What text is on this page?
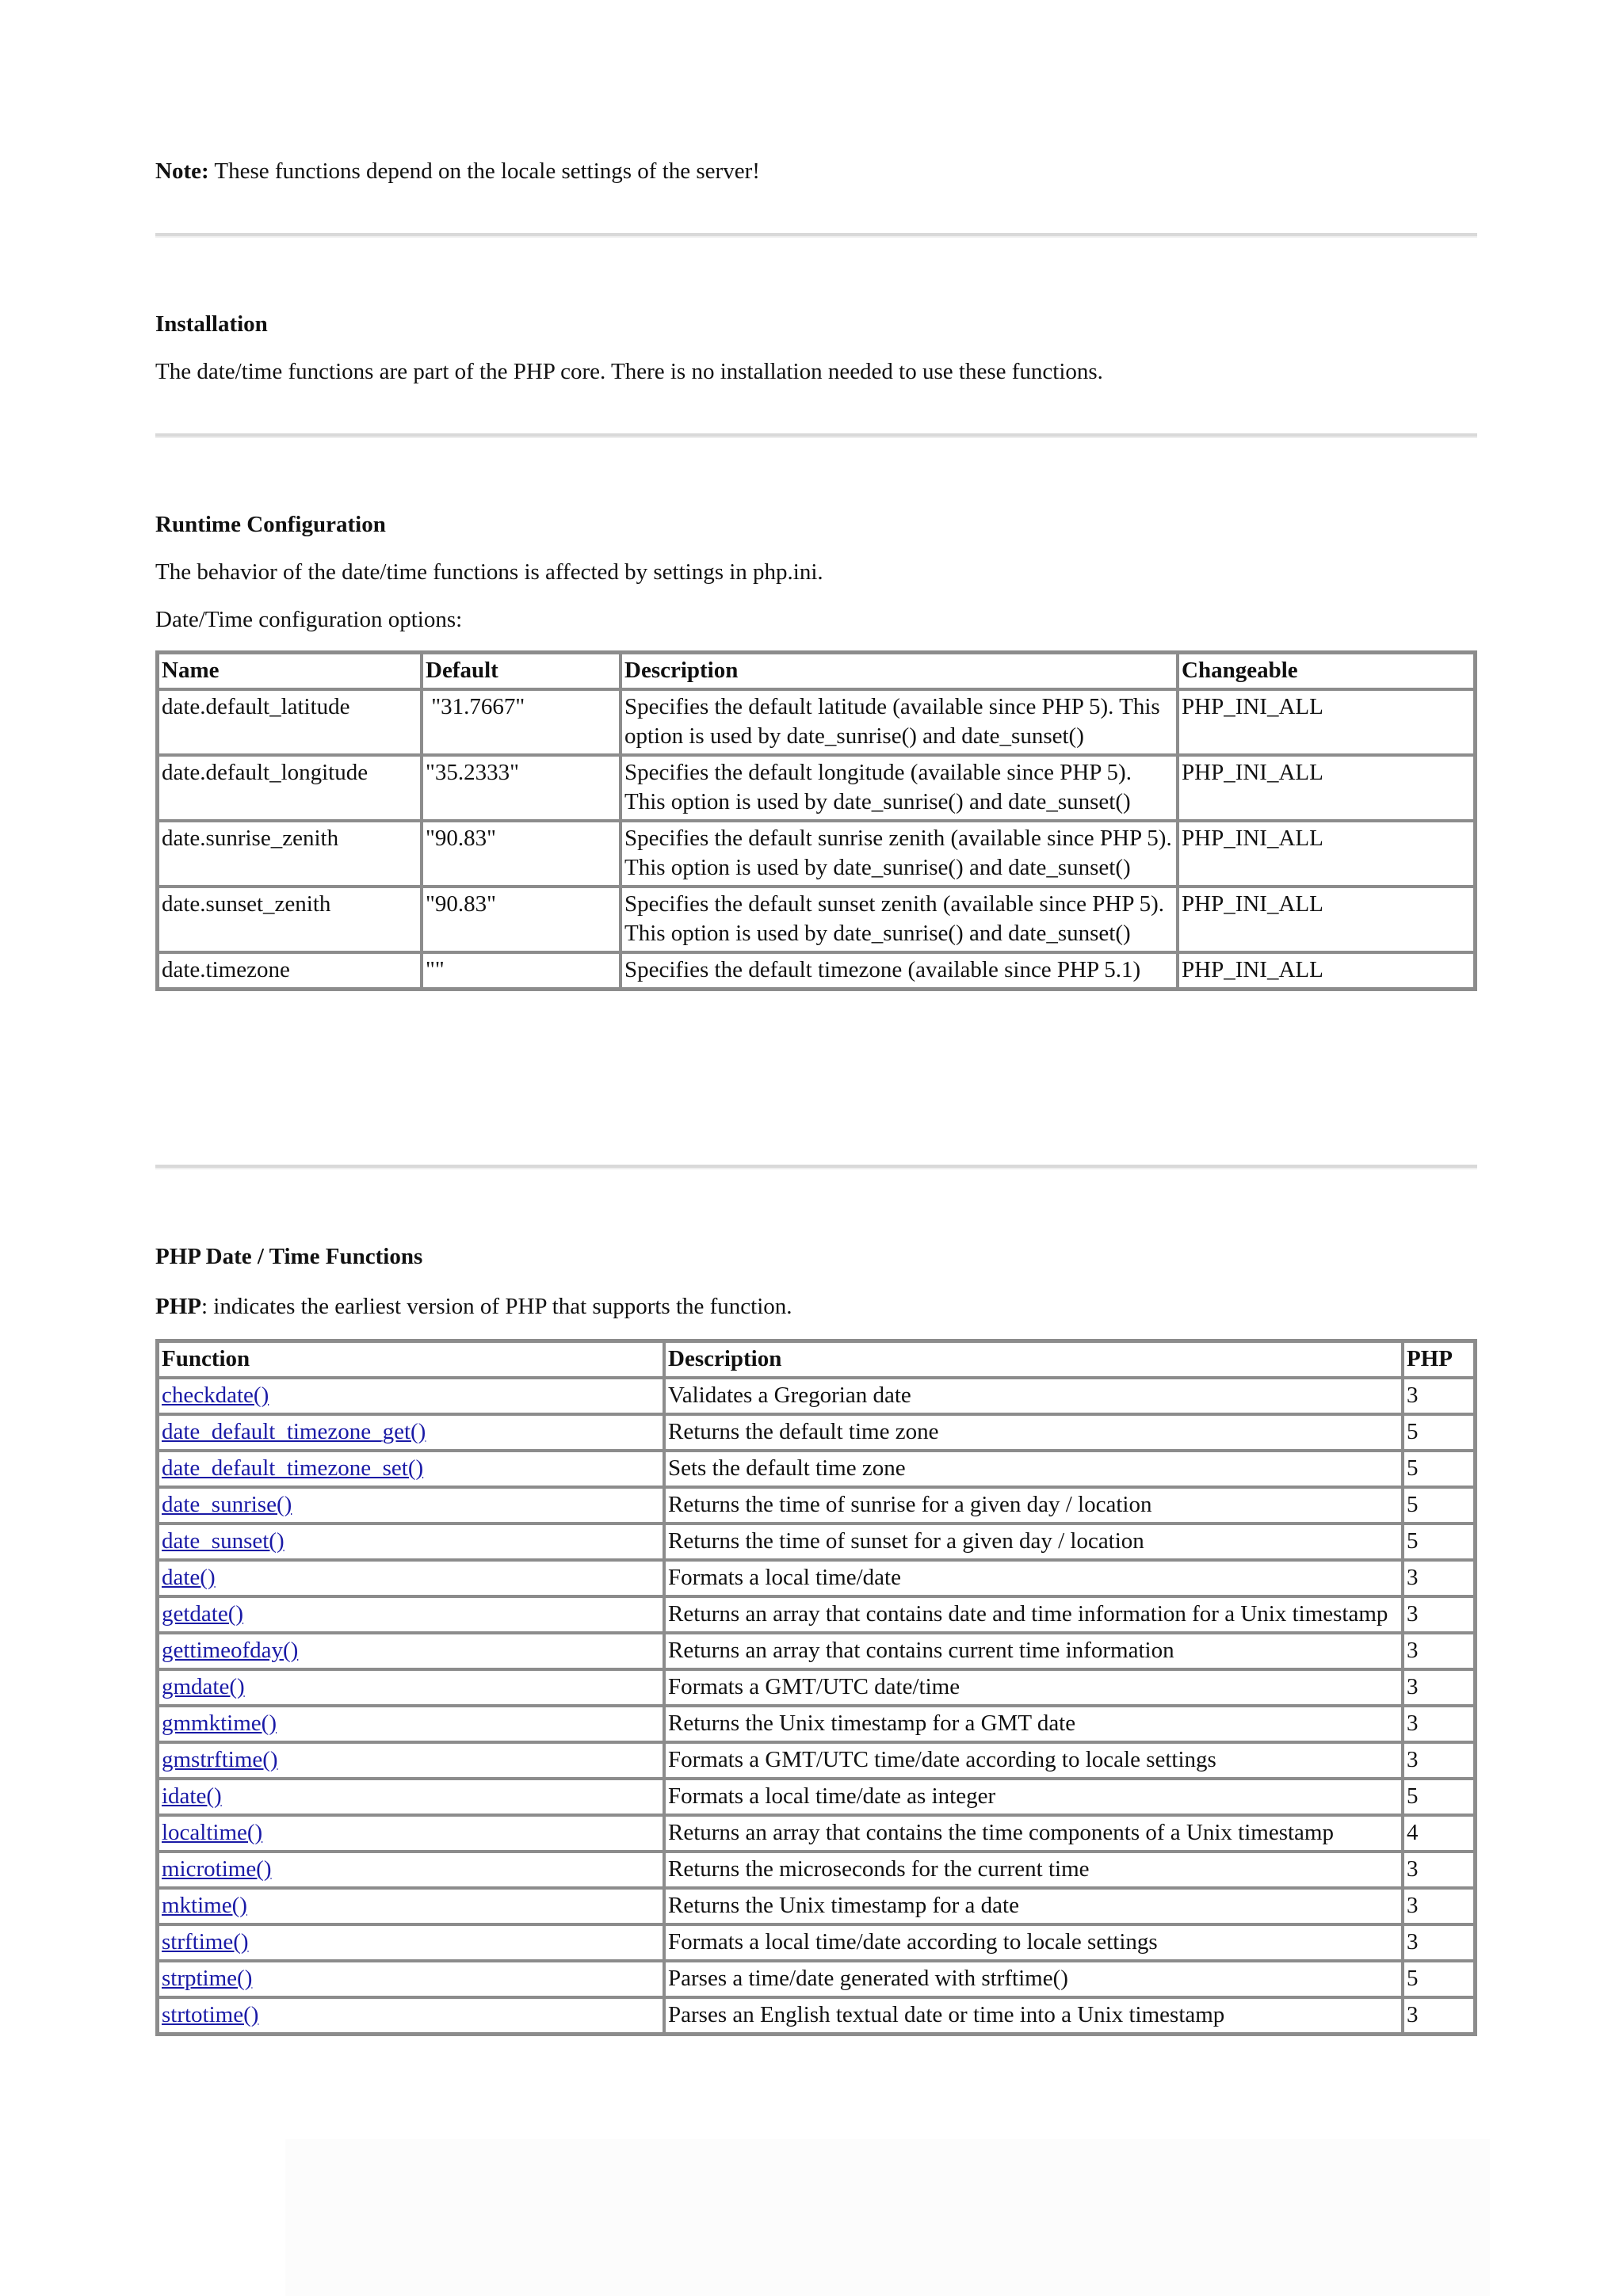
Note: These functions depend on the locale settings of the server!

Installation

The date/time functions are part of the PHP core. There is no installation needed to use these functions.

Runtime Configuration

The behavior of the date/time functions is affected by settings in php.ini.

Date/Time configuration options:

Name	Default	Description	Changeable
date.default_latitude	"31.7667"	Specifies the default latitude (available since PHP 5). This option is used by date_sunrise() and date_sunset()	PHP_INI_ALL
date.default_longitude	"35.2333"	Specifies the default longitude (available since PHP 5). This option is used by date_sunrise() and date_sunset()	PHP_INI_ALL
date.sunrise_zenith	"90.83"	Specifies the default sunrise zenith (available since PHP 5). This option is used by date_sunrise() and date_sunset()	PHP_INI_ALL
date.sunset_zenith	"90.83"	Specifies the default sunset zenith (available since PHP 5). This option is used by date_sunrise() and date_sunset()	PHP_INI_ALL
date.timezone	""	Specifies the default timezone (available since PHP 5.1)	PHP_INI_ALL

PHP Date / Time Functions

PHP: indicates the earliest version of PHP that supports the function.

Function	Description	PHP
checkdate()	Validates a Gregorian date	3
date_default_timezone_get()	Returns the default time zone	5
date_default_timezone_set()	Sets the default time zone	5
date_sunrise()	Returns the time of sunrise for a given day / location	5
date_sunset()	Returns the time of sunset for a given day / location	5
date()	Formats a local time/date	3
getdate()	Returns an array that contains date and time information for a Unix timestamp	3
gettimeofday()	Returns an array that contains current time information	3
gmdate()	Formats a GMT/UTC date/time	3
gmmktime()	Returns the Unix timestamp for a GMT date	3
gmstrftime()	Formats a GMT/UTC time/date according to locale settings	3
idate()	Formats a local time/date as integer	5
localtime()	Returns an array that contains the time components of a Unix timestamp	4
microtime()	Returns the microseconds for the current time	3
mktime()	Returns the Unix timestamp for a date	3
strftime()	Formats a local time/date according to locale settings	3
strptime()	Parses a time/date generated with strftime()	5
strtotime()	Parses an English textual date or time into a Unix timestamp	3
